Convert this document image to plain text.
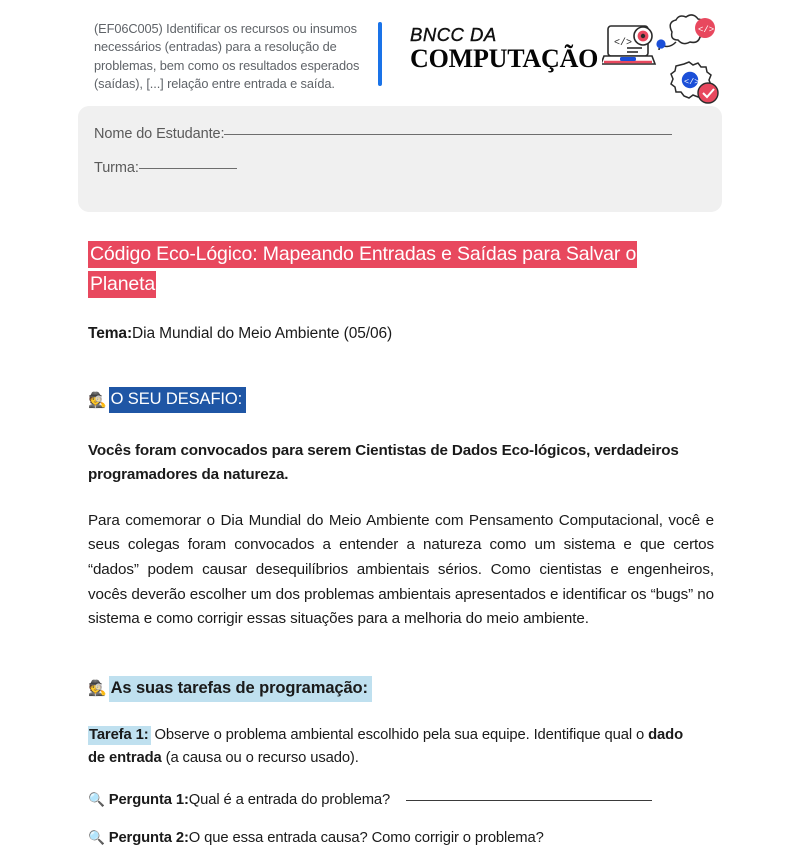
(EF06C005) Identificar os recursos ou insumos necessários (entradas) para a resolução de problemas, bem como os resultados esperados (saídas), [...] relação entre entrada e saída.
BNCC DA
COMPUTAÇÃO </>
</>
</>
Nome do Estudante:
Turma:
Código Eco-Lógico: Mapeando Entradas e Saídas para Salvar o Planeta
Tema:Dia Mundial do Meio Ambiente (05/06)
🕵️ O SEU DESAFIO:
Vocês foram convocados para serem Cientistas de Dados Eco-lógicos, verdadeiros programadores da natureza.
Para comemorar o Dia Mundial do Meio Ambiente com Pensamento Computacional, você e seus colegas foram convocados a entender a natureza como um sistema e que certos “dados” podem causar desequilíbrios ambientais sérios. Como cientistas e engenheiros, vocês deverão escolher um dos problemas ambientais apresentados e identificar os “bugs” no sistema e como corrigir essas situações para a melhoria do meio ambiente.
🕵️ As suas tarefas de programação:
Tarefa 1: Observe o problema ambiental escolhido pela sua equipe. Identifique qual o dado de entrada (a causa ou o recurso usado).
🔍 Pergunta 1: Qual é a entrada do problema?
🔍 Pergunta 2: O que essa entrada causa? Como corrigir o problema?
